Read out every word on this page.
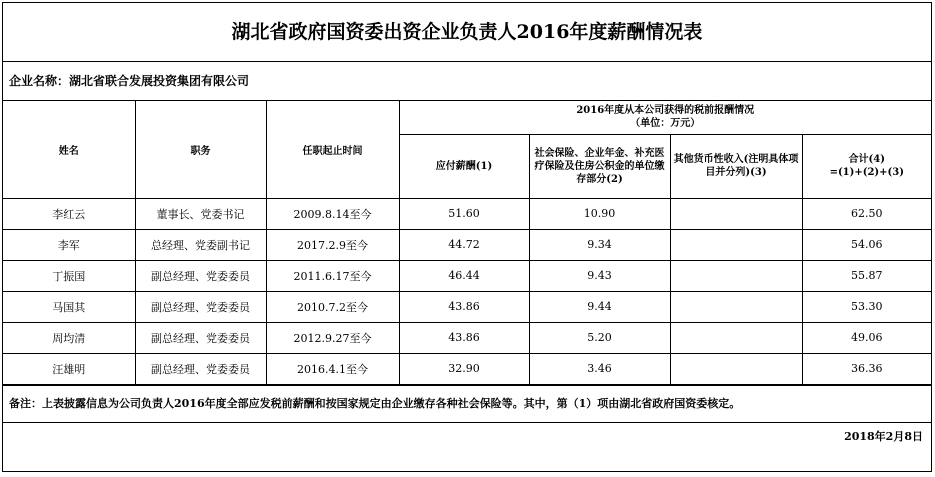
湖北省政府国资委出资企业负责人2016年度薪酬情况表
企业名称：湖北省联合发展投资集团有限公司
姓名	职务	任职起止时间	2016年度从本公司获得的税前报酬情况
（单位：万元）			

			应付薪酬(1)	社会保险、企业年金、补充医疗保险及住房公积金的单位缴存部分(2)	其他货币性收入(注明具体项目并分列)(3)	合计(4)
=(1)+(2)+(3)

李红云	董事长、党委书记	2009.8.14至今	51.60	10.90		62.50
李军	总经理、党委副书记	2017.2.9至今	44.72	9.34		54.06
丁振国	副总经理、党委委员	2011.6.17至今	46.44	9.43		55.87
马国其	副总经理、党委委员	2010.7.2至今	43.86	9.44		53.30
周均清	副总经理、党委委员	2012.9.27至今	43.86	5.20		49.06
汪雄明	副总经理、党委委员	2016.4.1至今	32.90	3.46		36.36
备注：上表披露信息为公司负责人2016年度全部应发税前薪酬和按国家规定由企业缴存各种社会保险等。其中，第（1）项由湖北省政府国资委核定。
2018年2月8日
